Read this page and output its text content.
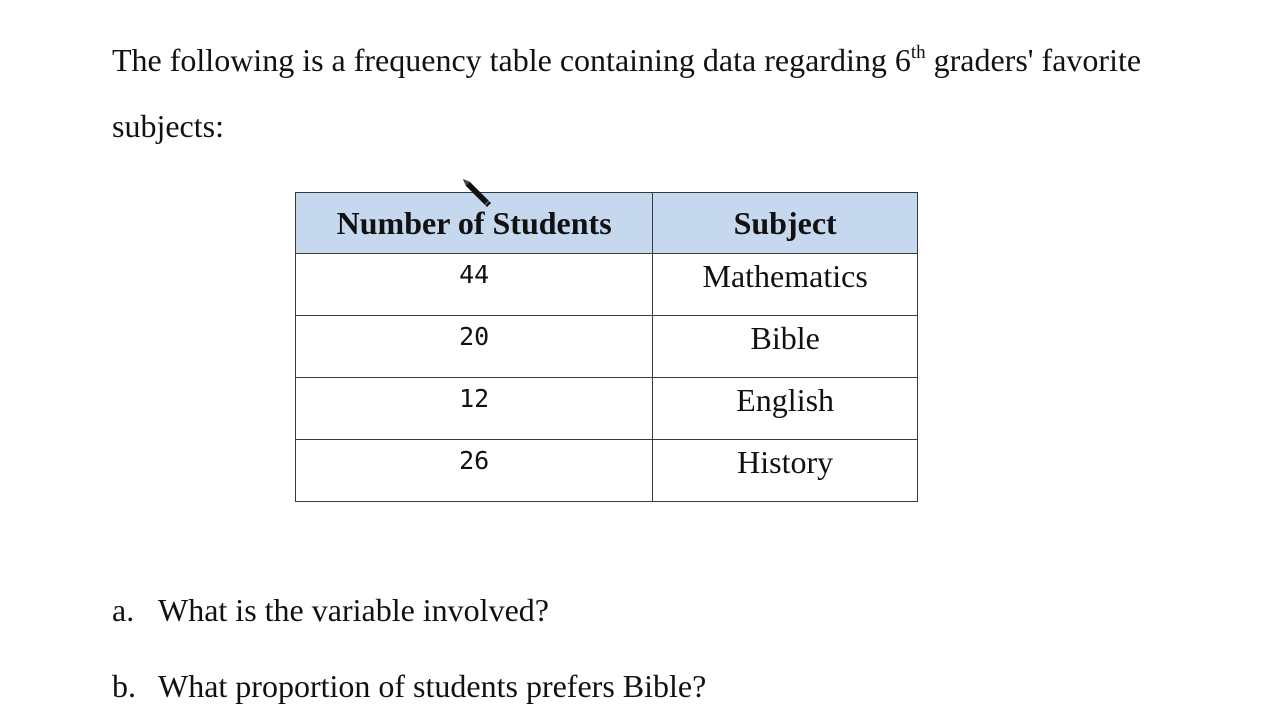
The following is a frequency table containing data regarding 6th graders' favorite subjects:

Number of Students	Subject
44	Mathematics
20	Bible
12	English
26	History

a. What is the variable involved?

b. What proportion of students prefers Bible?
